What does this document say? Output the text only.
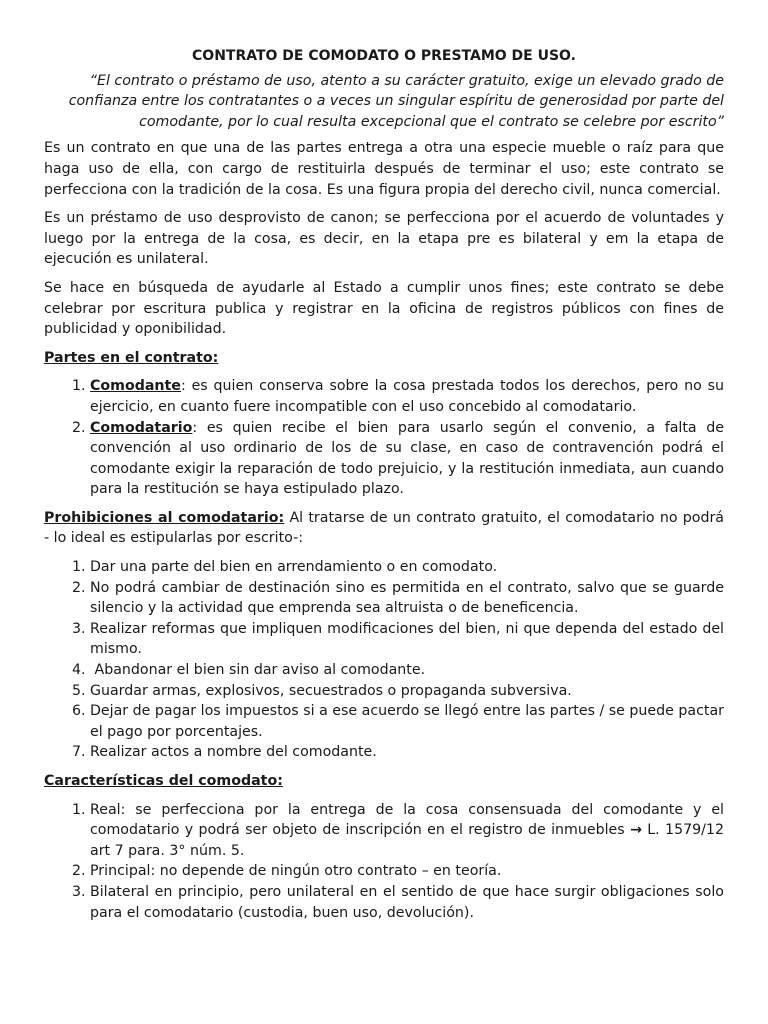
CONTRATO DE COMODATO O PRESTAMO DE USO.
“El contrato o préstamo de uso, atento a su carácter gratuito, exige un elevado grado de confianza entre los contratantes o a veces un singular espíritu de generosidad por parte del comodante, por lo cual resulta excepcional que el contrato se celebre por escrito”

Es un contrato en que una de las partes entrega a otra una especie mueble o raíz para que haga uso de ella, con cargo de restituirla después de terminar el uso; este contrato se perfecciona con la tradición de la cosa. Es una figura propia del derecho civil, nunca comercial.

Es un préstamo de uso desprovisto de canon; se perfecciona por el acuerdo de voluntades y luego por la entrega de la cosa, es decir, en la etapa pre es bilateral y em la etapa de ejecución es unilateral.

Se hace en búsqueda de ayudarle al Estado a cumplir unos fines; este contrato se debe celebrar por escritura publica y registrar en la oficina de registros públicos con fines de publicidad y oponibilidad.

Partes en el contrato:
1. Comodante: es quien conserva sobre la cosa prestada todos los derechos, pero no su ejercicio, en cuanto fuere incompatible con el uso concebido al comodatario.
2. Comodatario: es quien recibe el bien para usarlo según el convenio, a falta de convención al uso ordinario de los de su clase, en caso de contravención podrá el comodante exigir la reparación de todo prejuicio, y la restitución inmediata, aun cuando para la restitución se haya estipulado plazo.

Prohibiciones al comodatario: Al tratarse de un contrato gratuito, el comodatario no podrá - lo ideal es estipularlas por escrito-:

1. Dar una parte del bien en arrendamiento o en comodato.
2. No podrá cambiar de destinación sino es permitida en el contrato, salvo que se guarde silencio y la actividad que emprenda sea altruista o de beneficencia.
3. Realizar reformas que impliquen modificaciones del bien, ni que dependa del estado del mismo.
4.  Abandonar el bien sin dar aviso al comodante.
5. Guardar armas, explosivos, secuestrados o propaganda subversiva.
6. Dejar de pagar los impuestos si a ese acuerdo se llegó entre las partes / se puede pactar el pago por porcentajes.
7. Realizar actos a nombre del comodante.
Características del comodato:
1. Real: se perfecciona por la entrega de la cosa consensuada del comodante y el comodatario y podrá ser objeto de inscripción en el registro de inmuebles → L. 1579/12 art 7 para. 3° núm. 5.
2. Principal: no depende de ningún otro contrato – en teoría.
3. Bilateral en principio, pero unilateral en el sentido de que hace surgir obligaciones solo para el comodatario (custodia, buen uso, devolución).
